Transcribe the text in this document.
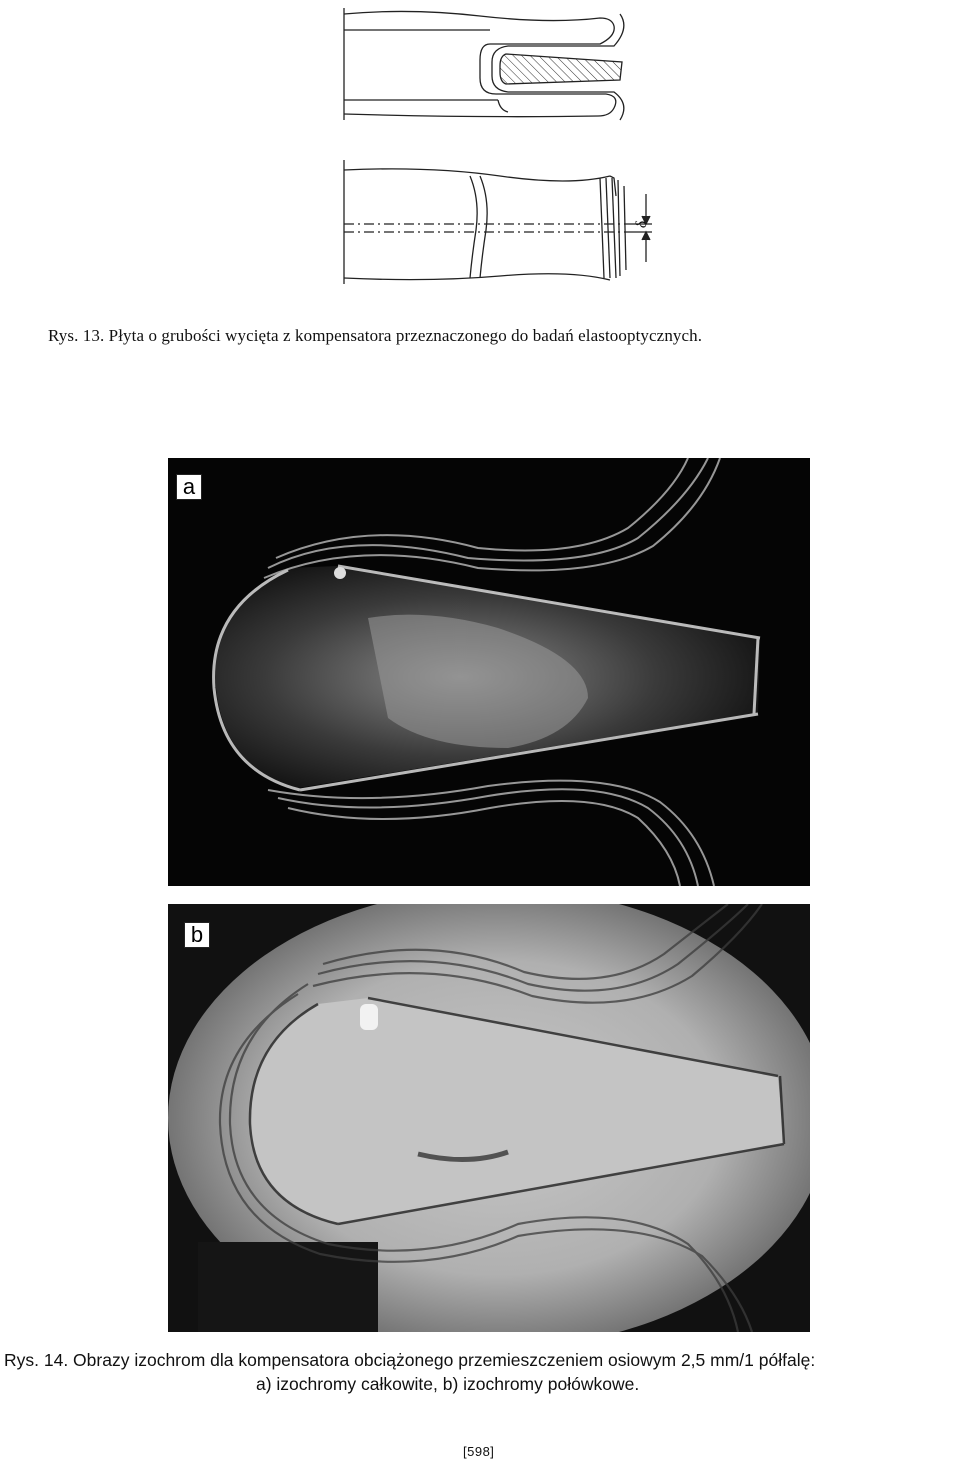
δ
Rys. 13. Płyta o grubości wycięta z kompensatora przeznaczonego do badań elastooptycznych.
a
b
Rys. 14. Obrazy izochrom dla kompensatora obciążonego przemieszczeniem osiowym 2,5 mm/1 półfalę:
a) izochromy całkowite, b) izochromy połówkowe.
[598]
